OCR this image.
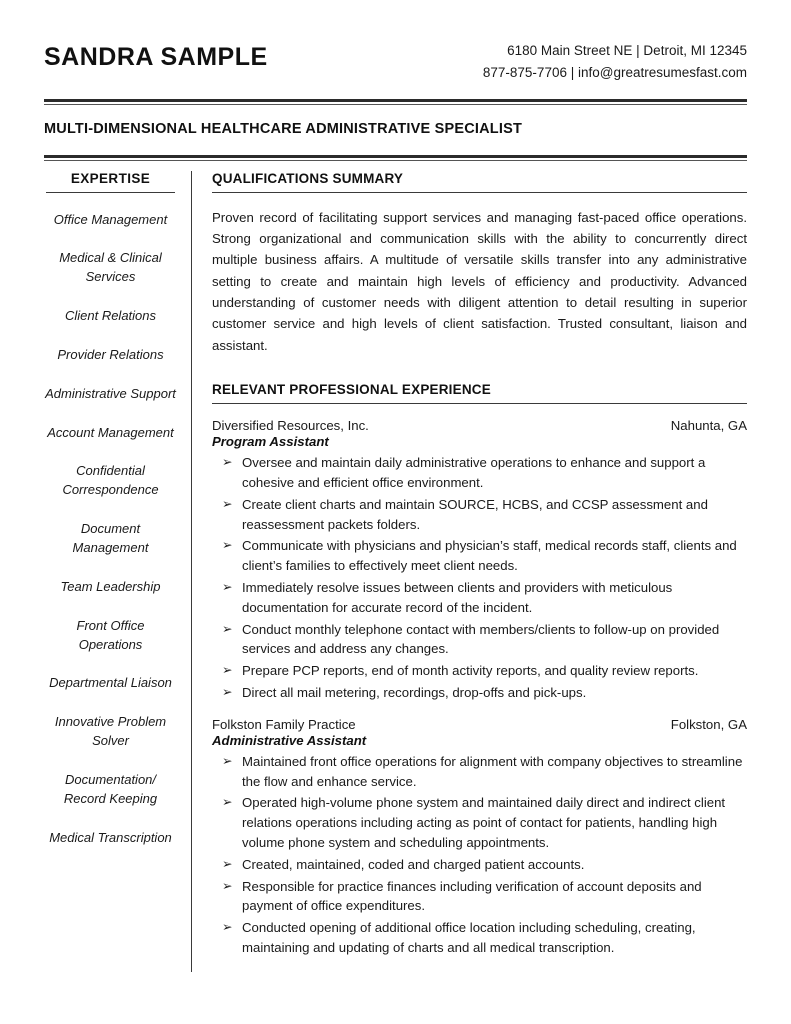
SANDRA SAMPLE	6180 Main Street NE | Detroit, MI 12345
877-875-7706 | info@greatresumesfast.com
MULTI-DIMENSIONAL HEALTHCARE ADMINISTRATIVE SPECIALIST
EXPERTISE
Office Management
Medical & Clinical Services
Client Relations
Provider Relations
Administrative Support
Account Management
Confidential Correspondence
Document Management
Team Leadership
Front Office Operations
Departmental Liaison
Innovative Problem Solver
Documentation/ Record Keeping
Medical Transcription
QUALIFICATIONS SUMMARY
Proven record of facilitating support services and managing fast-paced office operations. Strong organizational and communication skills with the ability to concurrently direct multiple business affairs. A multitude of versatile skills transfer into any administrative setting to create and maintain high levels of efficiency and productivity. Advanced understanding of customer needs with diligent attention to detail resulting in superior customer service and high levels of client satisfaction. Trusted consultant, liaison and assistant.
RELEVANT PROFESSIONAL EXPERIENCE
Diversified Resources, Inc.	Nahunta, GA
Program Assistant
➢ Oversee and maintain daily administrative operations to enhance and support a cohesive and efficient office environment.
➢ Create client charts and maintain SOURCE, HCBS, and CCSP assessment and reassessment packets folders.
➢ Communicate with physicians and physician’s staff, medical records staff, clients and client’s families to effectively meet client needs.
➢ Immediately resolve issues between clients and providers with meticulous documentation for accurate record of the incident.
➢ Conduct monthly telephone contact with members/clients to follow-up on provided services and address any changes.
➢ Prepare PCP reports, end of month activity reports, and quality review reports.
➢ Direct all mail metering, recordings, drop-offs and pick-ups.
Folkston Family Practice	Folkston, GA
Administrative Assistant
➢ Maintained front office operations for alignment with company objectives to streamline the flow and enhance service.
➢ Operated high-volume phone system and maintained daily direct and indirect client relations operations including acting as point of contact for patients, handling high volume phone system and scheduling appointments.
➢ Created, maintained, coded and charged patient accounts.
➢ Responsible for practice finances including verification of account deposits and payment of office expenditures.
➢ Conducted opening of additional office location including scheduling, creating, maintaining and updating of charts and all medical transcription.
